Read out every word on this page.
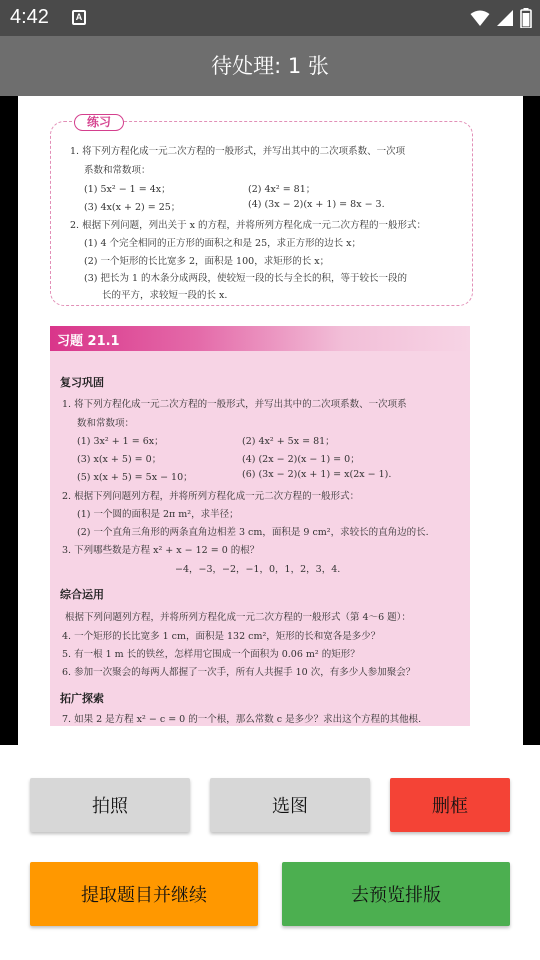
4:42	A
待处理: 1 张
练习
1. 将下列方程化成一元二次方程的一般形式，并写出其中的二次项系数、一次项
系数和常数项：
(1) 5x² − 1 = 4x；	(2) 4x² = 81；
(3) 4x(x + 2) = 25；	(4) (3x − 2)(x + 1) = 8x − 3.
2. 根据下列问题，列出关于 x 的方程，并将所列方程化成一元二次方程的一般形式：
(1) 4 个完全相同的正方形的面积之和是 25，求正方形的边长 x；
(2) 一个矩形的长比宽多 2，面积是 100，求矩形的长 x；
(3) 把长为 1 的木条分成两段，使较短一段的长与全长的积，等于较长一段的
长的平方，求较短一段的长 x.
习题 21.1
复习巩固
1. 将下列方程化成一元二次方程的一般形式，并写出其中的二次项系数、一次项系
数和常数项：
(1) 3x² + 1 = 6x；	(2) 4x² + 5x = 81；
(3) x(x + 5) = 0；	(4) (2x − 2)(x − 1) = 0；
(5) x(x + 5) = 5x − 10；	(6) (3x − 2)(x + 1) = x(2x − 1).
2. 根据下列问题列方程，并将所列方程化成一元二次方程的一般形式：
(1) 一个圆的面积是 2π m²，求半径；
(2) 一个直角三角形的两条直角边相差 3 cm，面积是 9 cm²，求较长的直角边的长.
3. 下列哪些数是方程 x² + x − 12 = 0 的根？
−4，−3，−2，−1，0，1，2，3，4.
综合运用
根据下列问题列方程，并将所列方程化成一元二次方程的一般形式（第 4～6 题）：
4. 一个矩形的长比宽多 1 cm，面积是 132 cm²，矩形的长和宽各是多少？
5. 有一根 1 m 长的铁丝，怎样用它围成一个面积为 0.06 m² 的矩形？
6. 参加一次聚会的每两人都握了一次手，所有人共握手 10 次，有多少人参加聚会？
拓广探索
7. 如果 2 是方程 x² − c = 0 的一个根，那么常数 c 是多少？求出这个方程的其他根.
拍照	选图	删框
提取题目并继续	去预览排版
